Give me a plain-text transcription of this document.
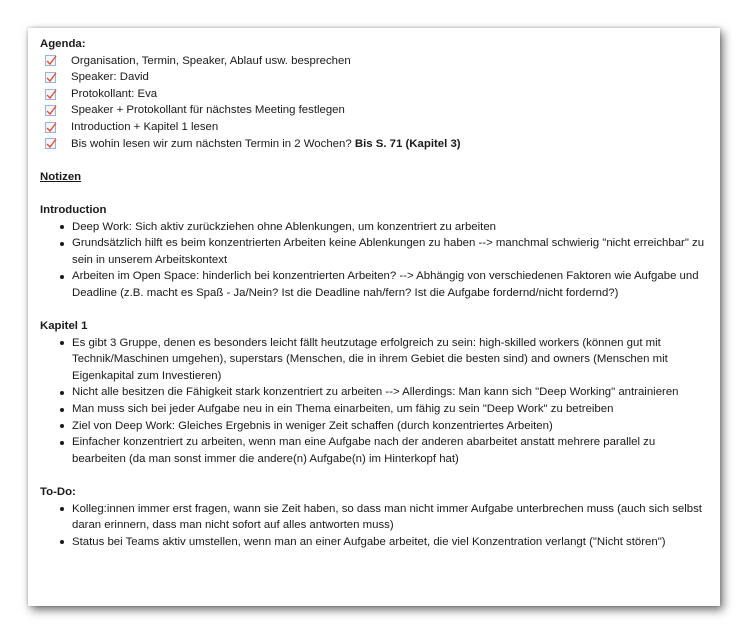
Agenda:
Organisation, Termin, Speaker, Ablauf usw. besprechen
Speaker: David
Protokollant: Eva
Speaker + Protokollant für nächstes Meeting festlegen
Introduction + Kapitel 1 lesen
Bis wohin lesen wir zum nächsten Termin in 2 Wochen? Bis S. 71 (Kapitel 3)
Notizen
Introduction
Deep Work: Sich aktiv zurückziehen ohne Ablenkungen, um konzentriert zu arbeiten
Grundsätzlich hilft es beim konzentrierten Arbeiten keine Ablenkungen zu haben --> manchmal schwierig "nicht erreichbar" zu sein in unserem Arbeitskontext
Arbeiten im Open Space: hinderlich bei konzentrierten Arbeiten? --> Abhängig von verschiedenen Faktoren wie Aufgabe und Deadline (z.B. macht es Spaß - Ja/Nein? Ist die Deadline nah/fern? Ist die Aufgabe fordernd/nicht fordernd?)
Kapitel 1
Es gibt 3 Gruppe, denen es besonders leicht fällt heutzutage erfolgreich zu sein: high-skilled workers (können gut mit Technik/Maschinen umgehen), superstars (Menschen, die in ihrem Gebiet die besten sind) and owners (Menschen mit Eigenkapital zum Investieren)
Nicht alle besitzen die Fähigkeit stark konzentriert zu arbeiten --> Allerdings: Man kann sich "Deep Working" antrainieren
Man muss sich bei jeder Aufgabe neu in ein Thema einarbeiten, um fähig zu sein "Deep Work" zu betreiben
Ziel von Deep Work: Gleiches Ergebnis in weniger Zeit schaffen (durch konzentriertes Arbeiten)
Einfacher konzentriert zu arbeiten, wenn man eine Aufgabe nach der anderen abarbeitet anstatt mehrere parallel zu bearbeiten (da man sonst immer die andere(n) Aufgabe(n) im Hinterkopf hat)
To-Do:
Kolleg:innen immer erst fragen, wann sie Zeit haben, so dass man nicht immer Aufgabe unterbrechen muss (auch sich selbst daran erinnern, dass man nicht sofort auf alles antworten muss)
Status bei Teams aktiv umstellen, wenn man an einer Aufgabe arbeitet, die viel Konzentration verlangt ("Nicht stören")
